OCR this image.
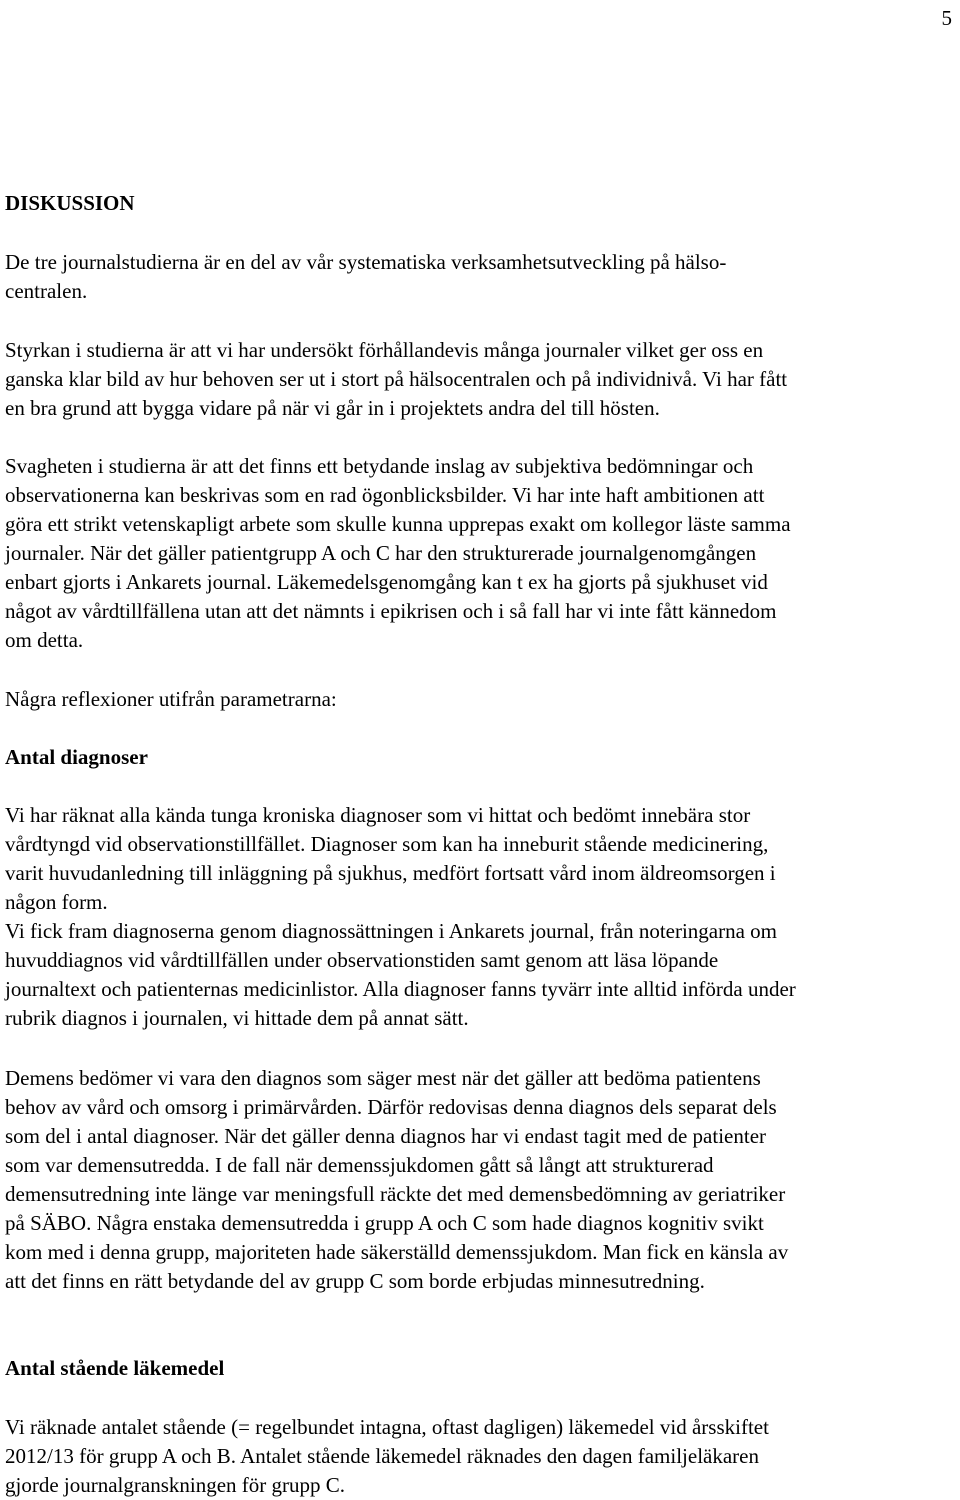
5
DISKUSSION
De tre journalstudierna är en del av vår systematiska verksamhetsutveckling på hälso-
centralen.
Styrkan i studierna är att vi har undersökt förhållandevis många journaler vilket ger oss en
ganska klar bild av hur behoven ser ut i stort på hälsocentralen och på individnivå. Vi har fått
en bra grund att bygga vidare på när vi går in i projektets andra del till hösten.
Svagheten i studierna är att det finns ett betydande inslag av subjektiva bedömningar och
observationerna kan beskrivas som en rad ögonblicksbilder. Vi har inte haft ambitionen att
göra ett strikt vetenskapligt arbete som skulle kunna upprepas exakt om kollegor läste samma
journaler. När det gäller patientgrupp A och C har den strukturerade journalgenomgången
enbart gjorts i Ankarets journal. Läkemedelsgenomgång kan t ex ha gjorts på sjukhuset vid
något av vårdtillfällena utan att det nämnts i epikrisen och i så fall har vi inte fått kännedom
om detta.
Några reflexioner utifrån parametrarna:
Antal diagnoser
Vi har räknat alla kända tunga kroniska diagnoser som vi hittat och bedömt innebära stor
vårdtyngd vid observationstillfället. Diagnoser som kan ha inneburit stående medicinering,
varit huvudanledning till inläggning på sjukhus, medfört fortsatt vård inom äldreomsorgen i
någon form.
Vi fick fram diagnoserna genom diagnossättningen i Ankarets journal, från noteringarna om
huvuddiagnos vid vårdtillfällen under observationstiden samt genom att läsa löpande
journaltext och patienternas medicinlistor. Alla diagnoser fanns tyvärr inte alltid införda under
rubrik diagnos i journalen, vi hittade dem på annat sätt.
Demens bedömer vi vara den diagnos som säger mest när det gäller att bedöma patientens
behov av vård och omsorg i primärvården. Därför redovisas denna diagnos dels separat dels
som del i antal diagnoser. När det gäller denna diagnos har vi endast tagit med de patienter
som var demensutredda. I de fall när demenssjukdomen gått så långt att strukturerad
demensutredning inte länge var meningsfull räckte det med demensbedömning av geriatriker
på SÄBO. Några enstaka demensutredda i grupp A och C som hade diagnos kognitiv svikt
kom med i denna grupp, majoriteten hade säkerställd demenssjukdom. Man fick en känsla av
att det finns en rätt betydande del av grupp C som borde erbjudas minnesutredning.
Antal stående läkemedel
Vi räknade antalet stående (= regelbundet intagna, oftast dagligen) läkemedel vid årsskiftet
2012/13 för grupp A och B. Antalet stående läkemedel räknades den dagen familjeläkaren
gjorde journalgranskningen för grupp C.
